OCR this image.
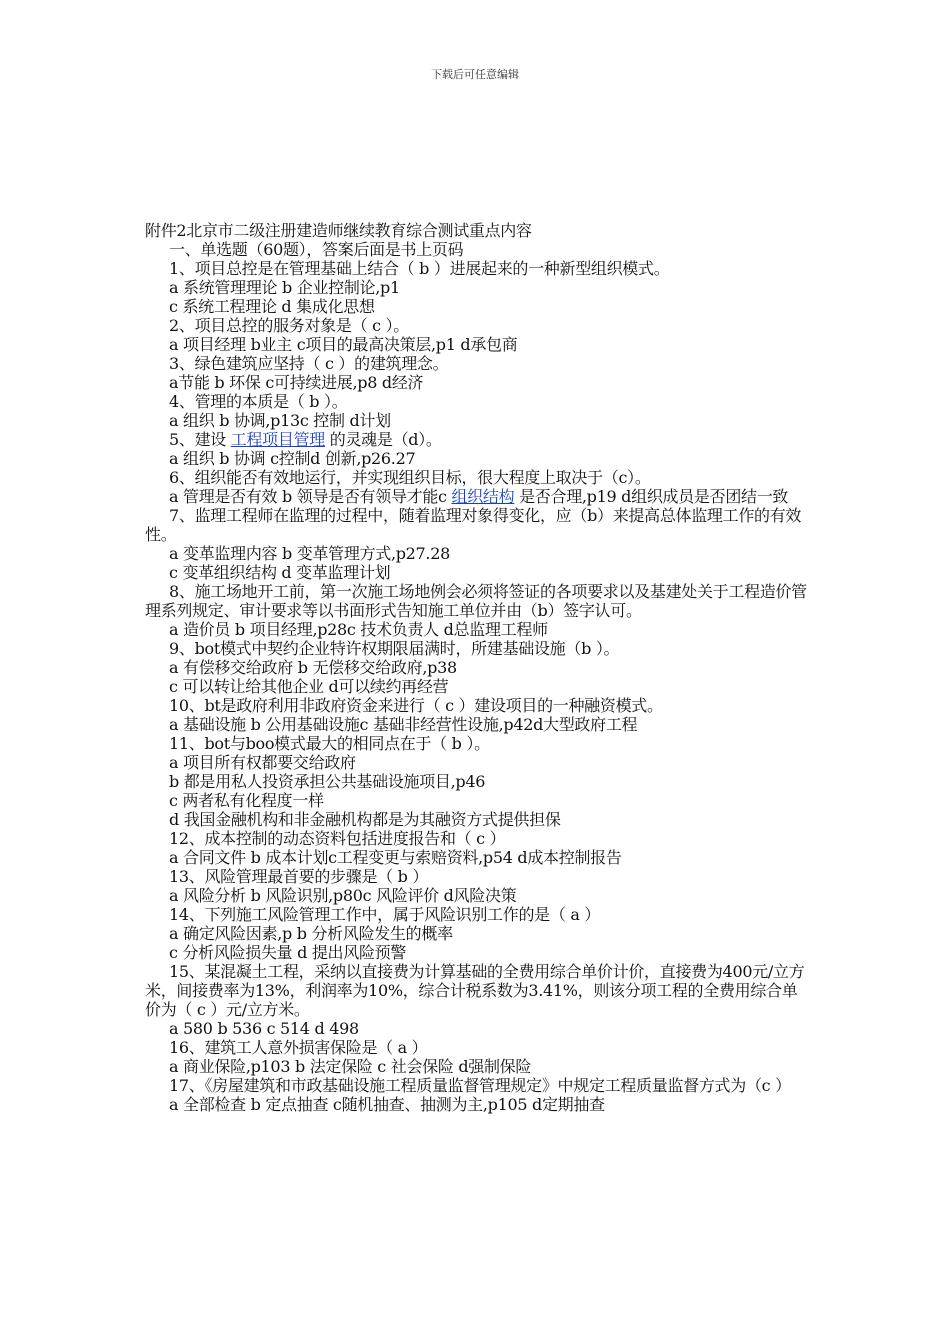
下载后可任意编辑

附件2北京市二级注册建造师继续教育综合测试重点内容

一、单选题（60题），答案后面是书上页码

1、项目总控是在管理基础上结合（ b ）进展起来的一种新型组织模式。

a 系统管理理论 b 企业控制论,p1

c 系统工程理论 d 集成化思想

2、项目总控的服务对象是（ c ）。

a 项目经理 b业主 c项目的最高决策层,p1 d承包商

3、绿色建筑应坚持（ c ）的建筑理念。

a节能 b 环保 c可持续进展,p8 d经济

4、管理的本质是（ b ）。

a 组织 b 协调,p13c 控制 d计划

5、建设 工程项目管理 的灵魂是（d）。

a 组织 b 协调 c控制d 创新,p26.27

6、组织能否有效地运行，并实现组织目标，很大程度上取决于（c）。

a 管理是否有效 b 领导是否有领导才能c 组织结构 是否合理,p19 d组织成员是否团结一致

7、监理工程师在监理的过程中，随着监理对象得变化，应（b）来提高总体监理工作的有效性。

a 变革监理内容 b 变革管理方式,p27.28

c 变革组织结构 d 变革监理计划

8、施工场地开工前，第一次施工场地例会必须将签证的各项要求以及基建处关于工程造价管理系列规定、审计要求等以书面形式告知施工单位并由（b）签字认可。

a 造价员 b 项目经理,p28c 技术负责人 d总监理工程师

9、bot模式中契约企业特许权期限届满时，所建基础设施（b ）。

a 有偿移交给政府 b 无偿移交给政府,p38

c 可以转让给其他企业 d可以续约再经营

10、bt是政府利用非政府资金来进行（ c ）建设项目的一种融资模式。

a 基础设施 b 公用基础设施c 基础非经营性设施,p42d大型政府工程

11、bot与boo模式最大的相同点在于（ b ）。

a 项目所有权都要交给政府

b 都是用私人投资承担公共基础设施项目,p46

c 两者私有化程度一样

d 我国金融机构和非金融机构都是为其融资方式提供担保

12、成本控制的动态资料包括进度报告和（ c ）

a 合同文件 b 成本计划c工程变更与索赔资料,p54 d成本控制报告

13、风险管理最首要的步骤是（ b ）

a 风险分析 b 风险识别,p80c 风险评价 d风险决策

14、下列施工风险管理工作中，属于风险识别工作的是（ a ）

a 确定风险因素,p b 分析风险发生的概率

c 分析风险损失量 d 提出风险预警

15、某混凝土工程，采纳以直接费为计算基础的全费用综合单价计价，直接费为400元/立方米，间接费率为13%，利润率为10%，综合计税系数为3.41%，则该分项工程的全费用综合单价为（ c ）元/立方米。

a 580 b 536 c 514 d 498

16、建筑工人意外损害保险是（ a ）

a 商业保险,p103 b 法定保险 c 社会保险 d强制保险

17、《房屋建筑和市政基础设施工程质量监督管理规定》中规定工程质量监督方式为（c ）

a 全部检查 b 定点抽查 c随机抽查、抽测为主,p105 d定期抽查
